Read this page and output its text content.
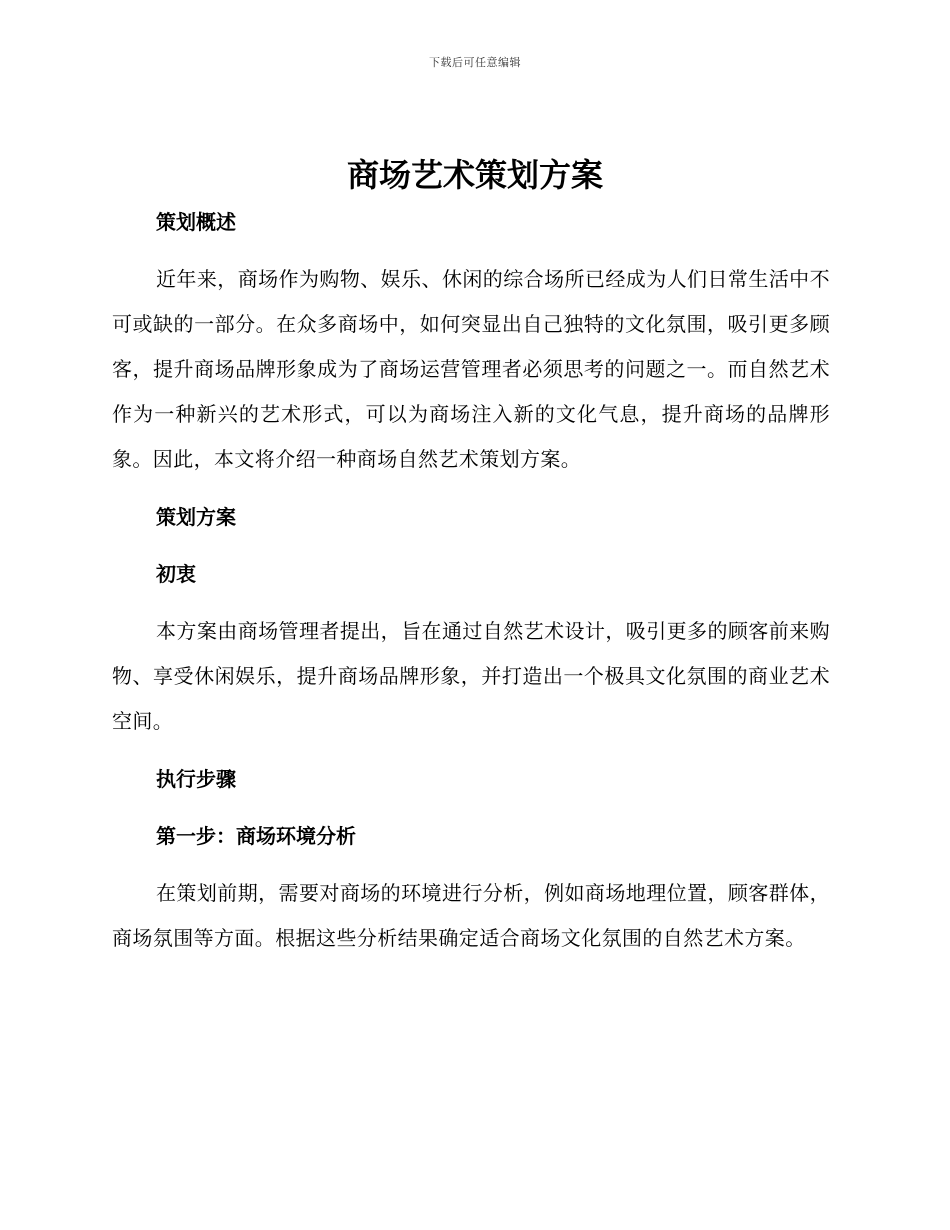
下载后可任意编辑
商场艺术策划方案
策划概述

近年来，商场作为购物、娱乐、休闲的综合场所已经成为人们日常生活中不可或缺的一部分。在众多商场中，如何突显出自己独特的文化氛围，吸引更多顾客，提升商场品牌形象成为了商场运营管理者必须思考的问题之一。而自然艺术作为一种新兴的艺术形式，可以为商场注入新的文化气息，提升商场的品牌形象。因此，本文将介绍一种商场自然艺术策划方案。

策划方案
初衷

本方案由商场管理者提出，旨在通过自然艺术设计，吸引更多的顾客前来购物、享受休闲娱乐，提升商场品牌形象，并打造出一个极具文化氛围的商业艺术空间。

执行步骤
第一步：商场环境分析

在策划前期，需要对商场的环境进行分析，例如商场地理位置，顾客群体，商场氛围等方面。根据这些分析结果确定适合商场文化氛围的自然艺术方案。
